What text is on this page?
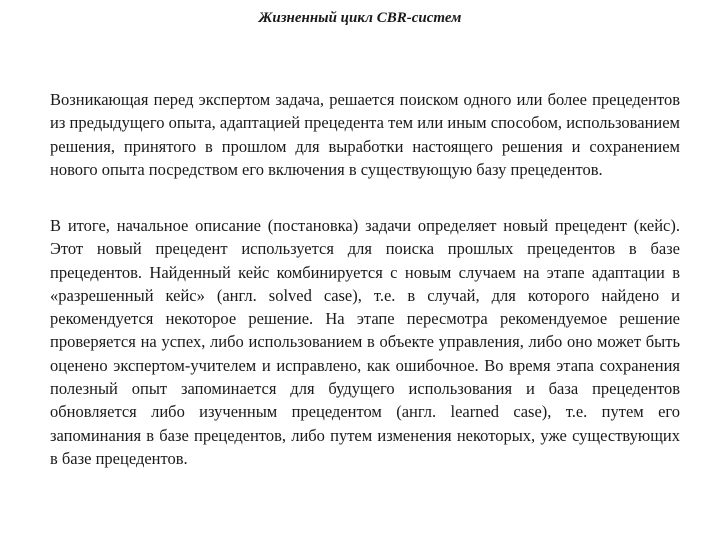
Жизненный цикл CBR-систем

Возникающая перед экспертом задача, решается поиском одного или более прецедентов из предыдущего опыта, адаптацией прецедента тем или иным способом, использованием решения, принятого в прошлом для выработки настоящего решения и сохранением нового опыта посредством его включения в существующую базу прецедентов.

В итоге, начальное описание (постановка) задачи определяет новый прецедент (кейс). Этот новый прецедент используется для поиска прошлых прецедентов в базе прецедентов. Найденный кейс комбинируется с новым случаем на этапе адаптации в «разрешенный кейс» (англ. solved case), т.е. в случай, для которого найдено и рекомендуется некоторое решение. На этапе пересмотра рекомендуемое решение проверяется на успех, либо использованием в объекте управления, либо оно может быть оценено экспертом-учителем и исправлено, как ошибочное. Во время этапа сохранения полезный опыт запоминается для будущего использования и база прецедентов обновляется либо изученным прецедентом (англ. learned case), т.е. путем его запоминания в базе прецедентов, либо путем изменения некоторых, уже существующих в базе прецедентов.
